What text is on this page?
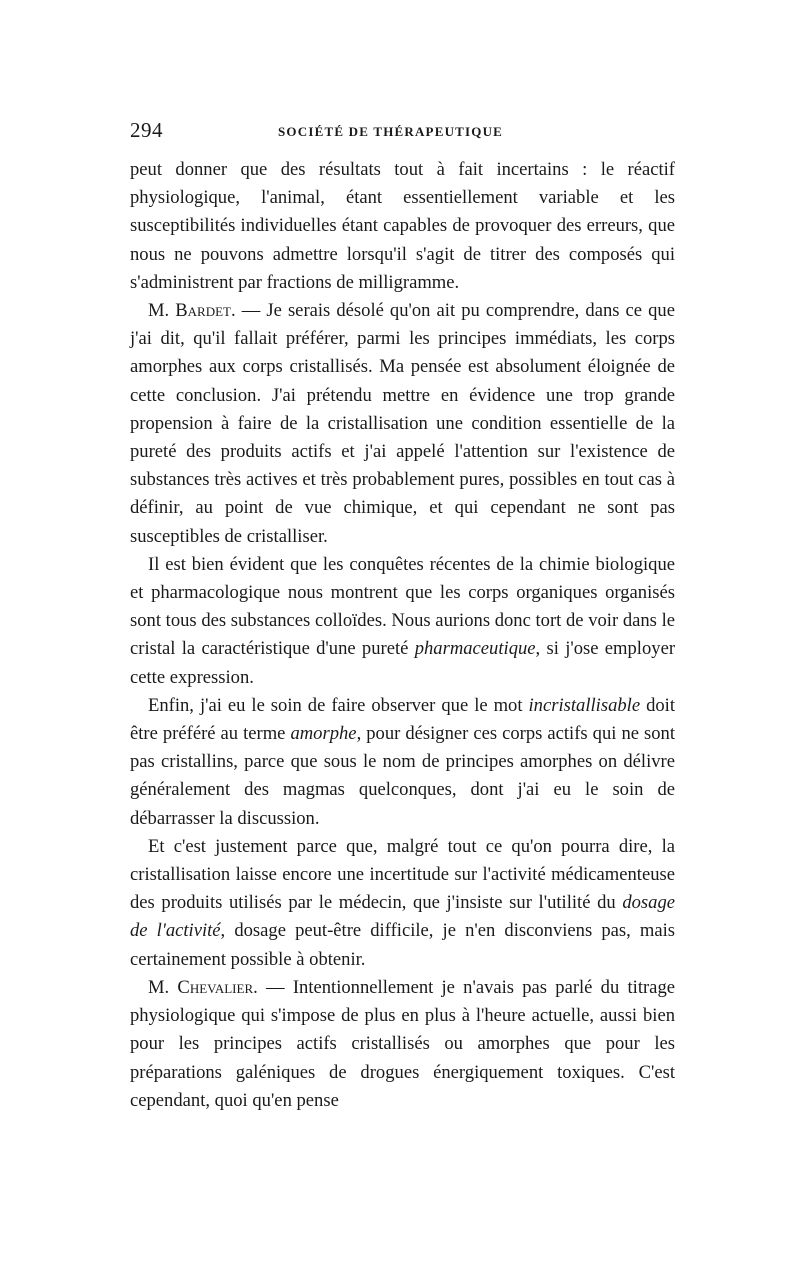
294	SOCIÉTÉ DE THÉRAPEUTIQUE

peut donner que des résultats tout à fait incertains : le réactif physiologique, l'animal, étant essentiellement variable et les susceptibilités individuelles étant capables de provoquer des erreurs, que nous ne pouvons admettre lorsqu'il s'agit de titrer des composés qui s'administrent par fractions de milligramme.

M. Bardet. — Je serais désolé qu'on ait pu comprendre, dans ce que j'ai dit, qu'il fallait préférer, parmi les principes immédiats, les corps amorphes aux corps cristallisés. Ma pensée est absolument éloignée de cette conclusion. J'ai prétendu mettre en évidence une trop grande propension à faire de la cristallisation une condition essentielle de la pureté des produits actifs et j'ai appelé l'attention sur l'existence de substances très actives et très probablement pures, possibles en tout cas à définir, au point de vue chimique, et qui cependant ne sont pas susceptibles de cristalliser.

Il est bien évident que les conquêtes récentes de la chimie biologique et pharmacologique nous montrent que les corps organiques organisés sont tous des substances colloïdes. Nous aurions donc tort de voir dans le cristal la caractéristique d'une pureté pharmaceutique, si j'ose employer cette expression.

Enfin, j'ai eu le soin de faire observer que le mot incristallisable doit être préféré au terme amorphe, pour désigner ces corps actifs qui ne sont pas cristallins, parce que sous le nom de principes amorphes on délivre généralement des magmas quelconques, dont j'ai eu le soin de débarrasser la discussion.

Et c'est justement parce que, malgré tout ce qu'on pourra dire, la cristallisation laisse encore une incertitude sur l'activité médicamenteuse des produits utilisés par le médecin, que j'insiste sur l'utilité du dosage de l'activité, dosage peut-être difficile, je n'en disconviens pas, mais certainement possible à obtenir.

M. Chevalier. — Intentionnellement je n'avais pas parlé du titrage physiologique qui s'impose de plus en plus à l'heure actuelle, aussi bien pour les principes actifs cristallisés ou amorphes que pour les préparations galéniques de drogues énergiquement toxiques. C'est cependant, quoi qu'en pense
